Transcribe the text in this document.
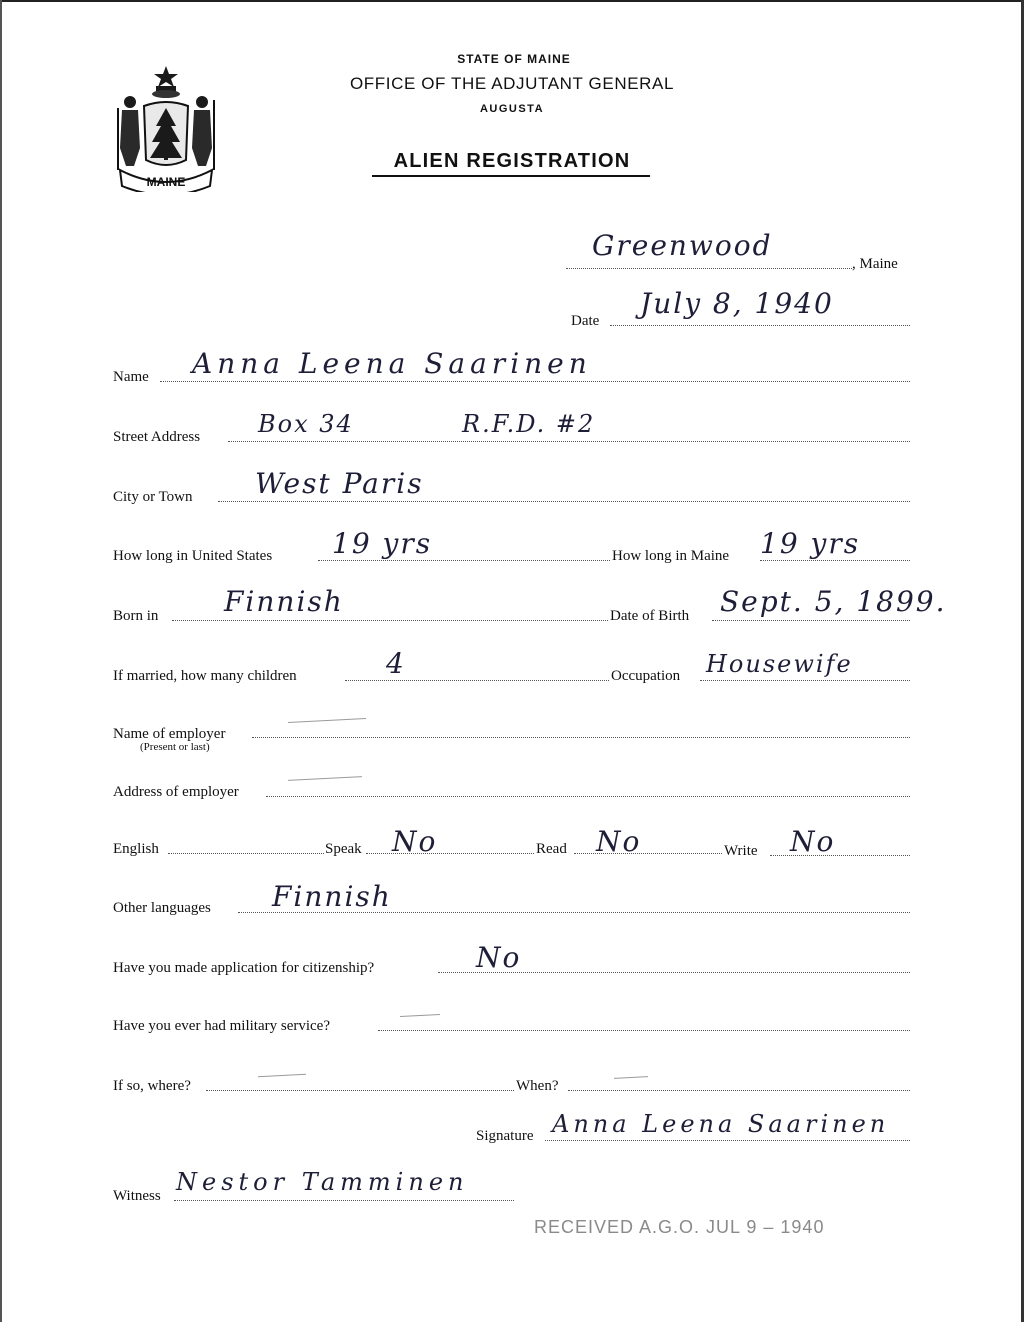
MAINE
STATE OF MAINE
OFFICE OF THE ADJUTANT GENERAL
AUGUSTA
ALIEN REGISTRATION
Greenwood
, Maine
Date
July 8, 1940
Name Anna Leena Saarinen
Street Address Box 34	R.F.D. #2
City or Town West Paris
How long in United States 19 yrs	How long in Maine 19 yrs
Born in Finnish	Date of Birth Sept. 5, 1899.
If married, how many children	4	Occupation Housewife
Name of employer
(Present or last)
Address of employer
English	Speak No	Read No	Write No
Other languages Finnish
Have you made application for citizenship?	No
Have you ever had military service?
If so, where?	When?
Signature Anna Leena Saarinen
Witness Nestor Tamminen
RECEIVED A.G.O. JUL 9 – 1940
